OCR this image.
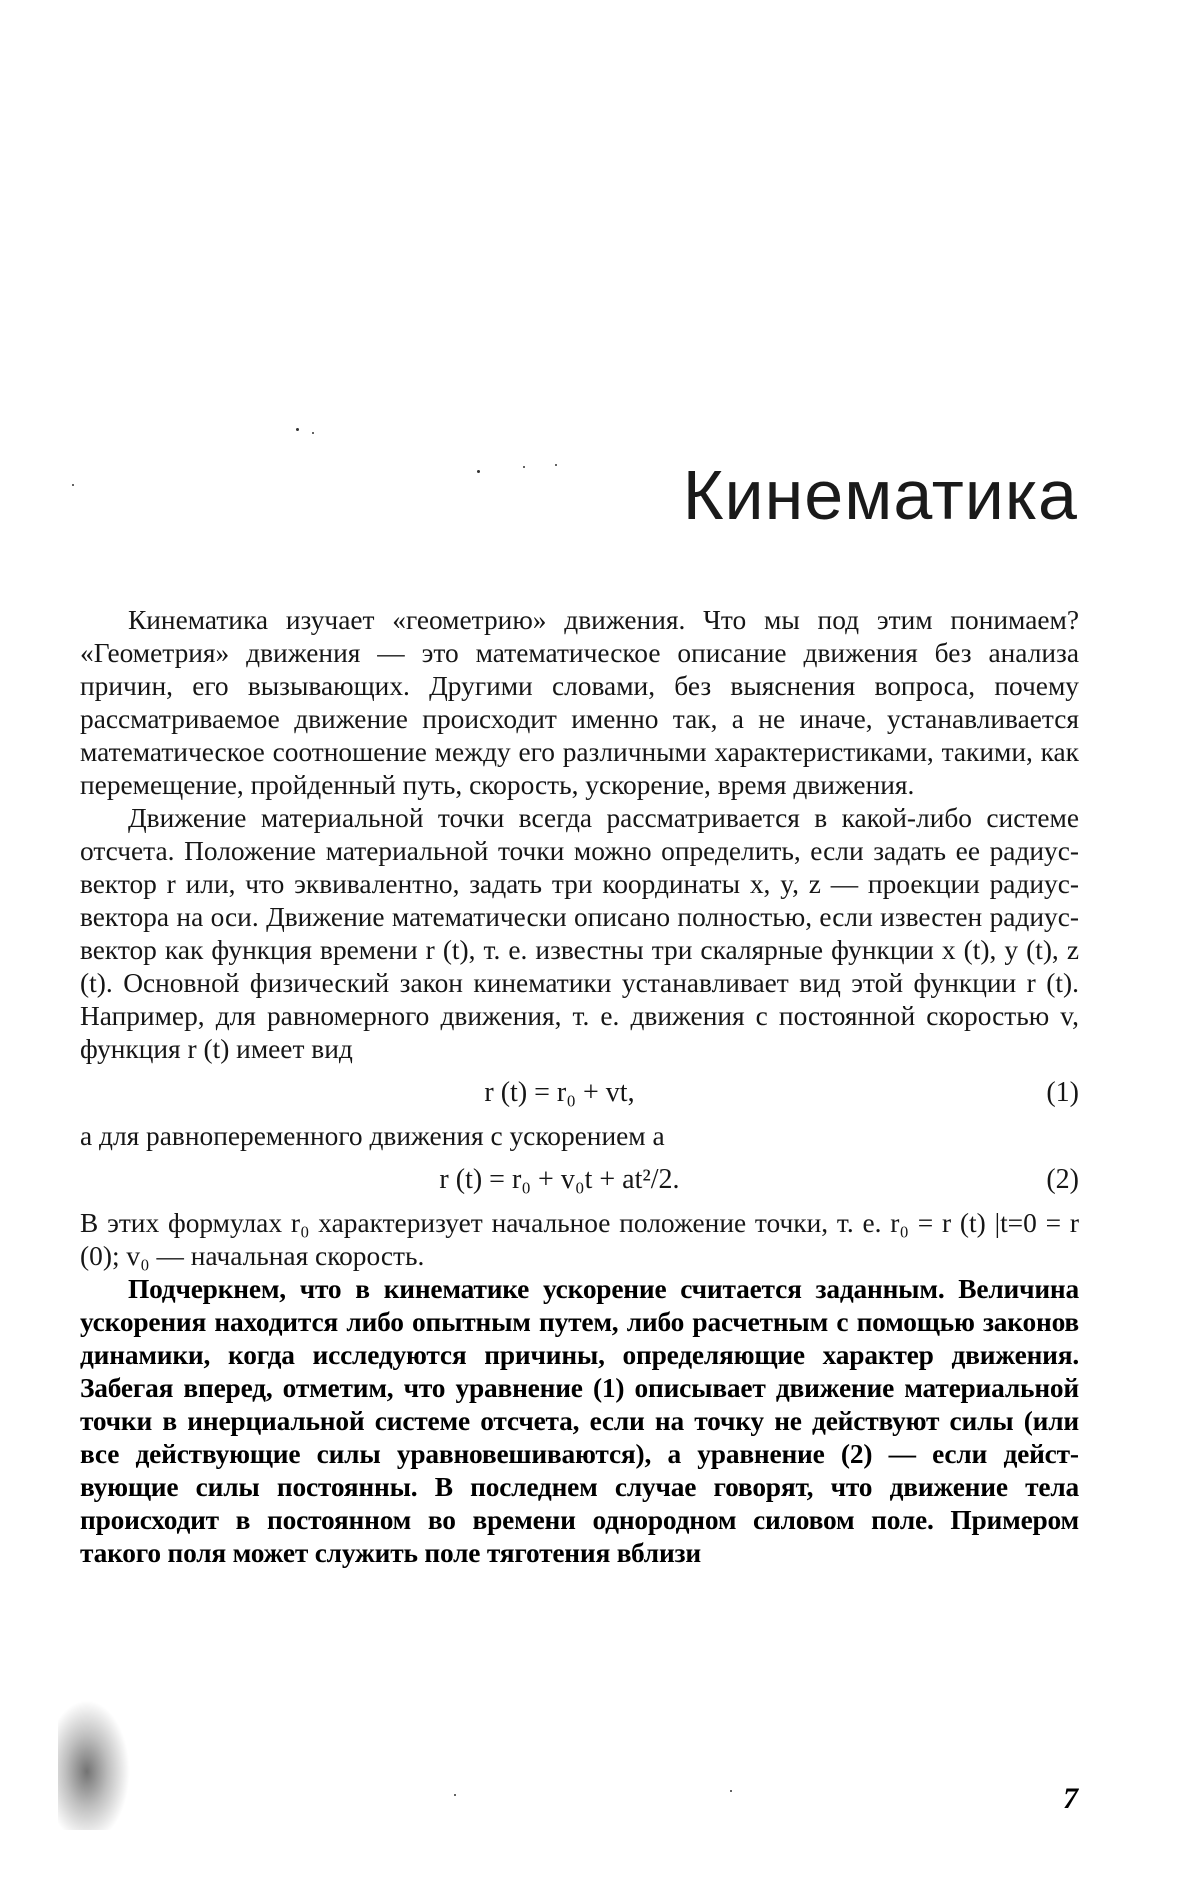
Кинематика

Кинематика изучает «геометрию» движения. Что мы под этим понимаем? «Геометрия» движения — это математическое описание движения без анализа причин, его вызывающих. Другими словами, без выяснения вопроса, почему рассматриваемое движение происходит именно так, а не иначе, устанавливается математическое соотношение между его различными характеристиками, такими, как перемещение, пройденный путь, скорость, ускорение, время движения.

Движение материальной точки всегда рассматривается в какой-либо системе отсчета. Положение материальной точки можно определить, если задать ее радиус-вектор r или, что эквивалентно, задать три координаты x, y, z — проекции радиус-вектора на оси. Движение математически описано полностью, если известен радиус-вектор как функция времени r (t), т. е. известны три скалярные функции x (t), y (t), z (t). Основной физический закон кинематики устанавливает вид этой функции r (t). Например, для равномерного движения, т. е. движения с постоянной скоростью v, функция r (t) имеет вид

r (t) = r₀ + vt,	(1)

а для равнопеременного движения с ускорением a

r (t) = r₀ + v₀t + at²/2.	(2)

В этих формулах r₀ характеризует начальное положение точки, т. е. r₀ = r (t) |t=0 = r (0); v₀ — начальная скорость.

Подчеркнем, что в кинематике ускорение считается заданным. Величина ускорения находится либо опытным путем, либо расчетным с помощью законов динамики, когда исследуются причины, определяющие характер движения. Забегая вперед, отметим, что уравнение (1) описывает движение материальной точки в инерциальной системе отсчета, если на точку не действуют силы (или все действующие силы уравновешиваются), а уравнение (2) — если действующие силы постоянны. В последнем случае говорят, что движение тела происходит в постоянном во времени однородном силовом поле. Примером такого поля может служить поле тяготения вблизи

7
